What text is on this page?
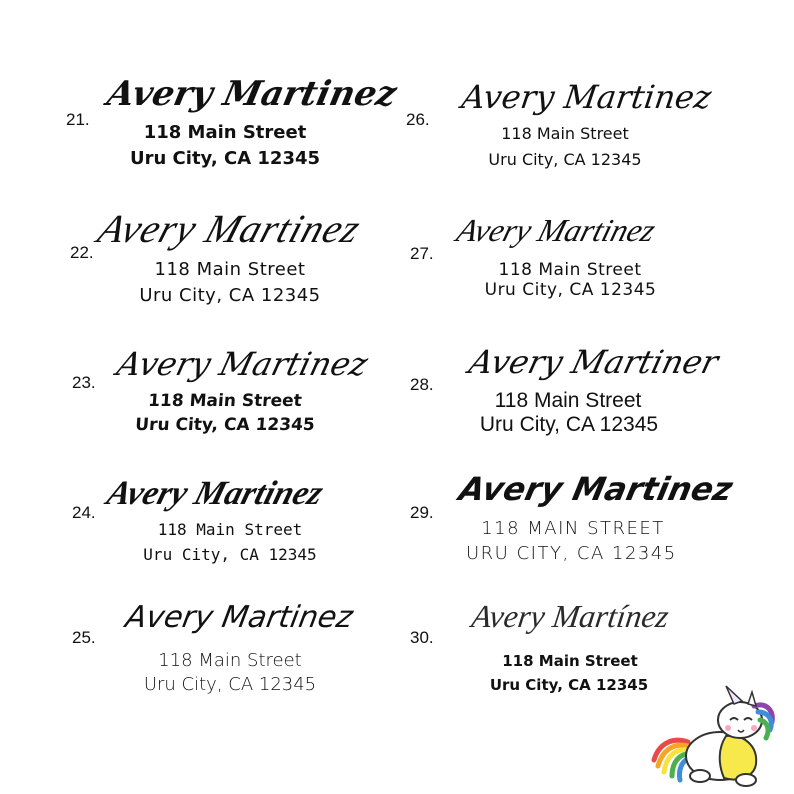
21.
Avery Martinez
118 Main Street
Uru City, CA 12345
22.
Avery Martinez
118 Main Street
Uru City, CA 12345
23. Avery Martinez
118 Main Street
Uru City, CA 12345
24.
Avery Martinez
118 Main Street
Uru City, CA 12345
25.
Avery Martinez
118 Main Street
Uru City, CA 12345
26.
Avery Martinez
118 Main Street
Uru City, CA 12345
27.
Avery Martinez
118 Main Street
Uru City, CA 12345
28.
Avery Martiner
118 Main Street
Uru City, CA 12345
29.
Avery Martinez
118 MAIN STREET
URU CITY, CA 12345
30.
Avery Martínez
118 Main Street
Uru City, CA 12345
